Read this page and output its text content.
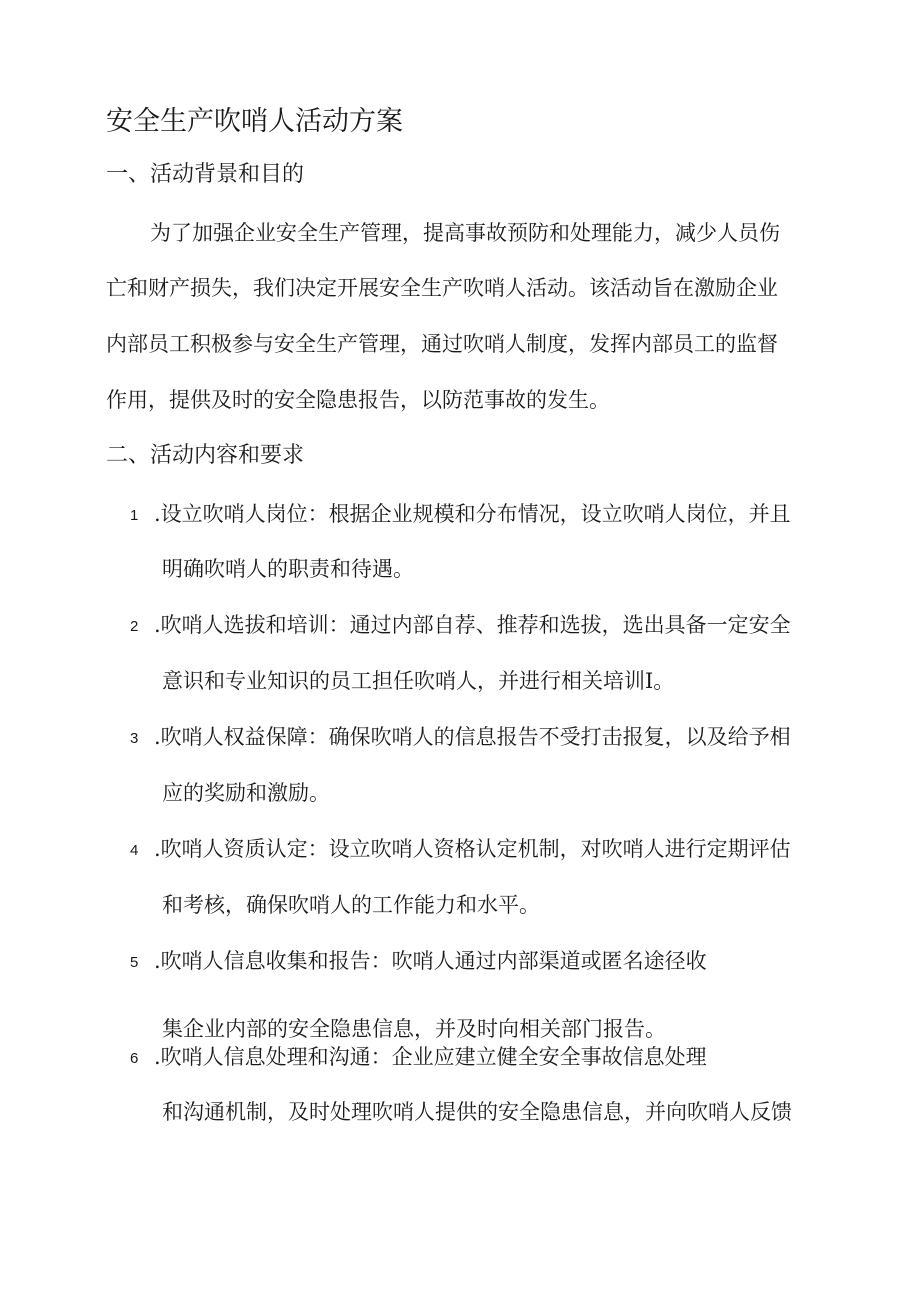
安全生产吹哨人活动方案
一、活动背景和目的
为了加强企业安全生产管理，提高事故预防和处理能力，减少人员伤
亡和财产损失，我们决定开展安全生产吹哨人活动。该活动旨在激励企业
内部员工积极参与安全生产管理，通过吹哨人制度，发挥内部员工的监督
作用，提供及时的安全隐患报告，以防范事故的发生。
二、活动内容和要求
1 .设立吹哨人岗位：根据企业规模和分布情况，设立吹哨人岗位，并且
明确吹哨人的职责和待遇。
2 .吹哨人选拔和培训：通过内部自荐、推荐和选拔，选出具备一定安全
意识和专业知识的员工担任吹哨人，并进行相关培训I。
3 .吹哨人权益保障：确保吹哨人的信息报告不受打击报复，以及给予相
应的奖励和激励。
4 .吹哨人资质认定：设立吹哨人资格认定机制，对吹哨人进行定期评估
和考核，确保吹哨人的工作能力和水平。
5 .吹哨人信息收集和报告：吹哨人通过内部渠道或匿名途径收
集企业内部的安全隐患信息，并及时向相关部门报告。
6 .吹哨人信息处理和沟通：企业应建立健全安全事故信息处理
和沟通机制，及时处理吹哨人提供的安全隐患信息，并向吹哨人反馈
